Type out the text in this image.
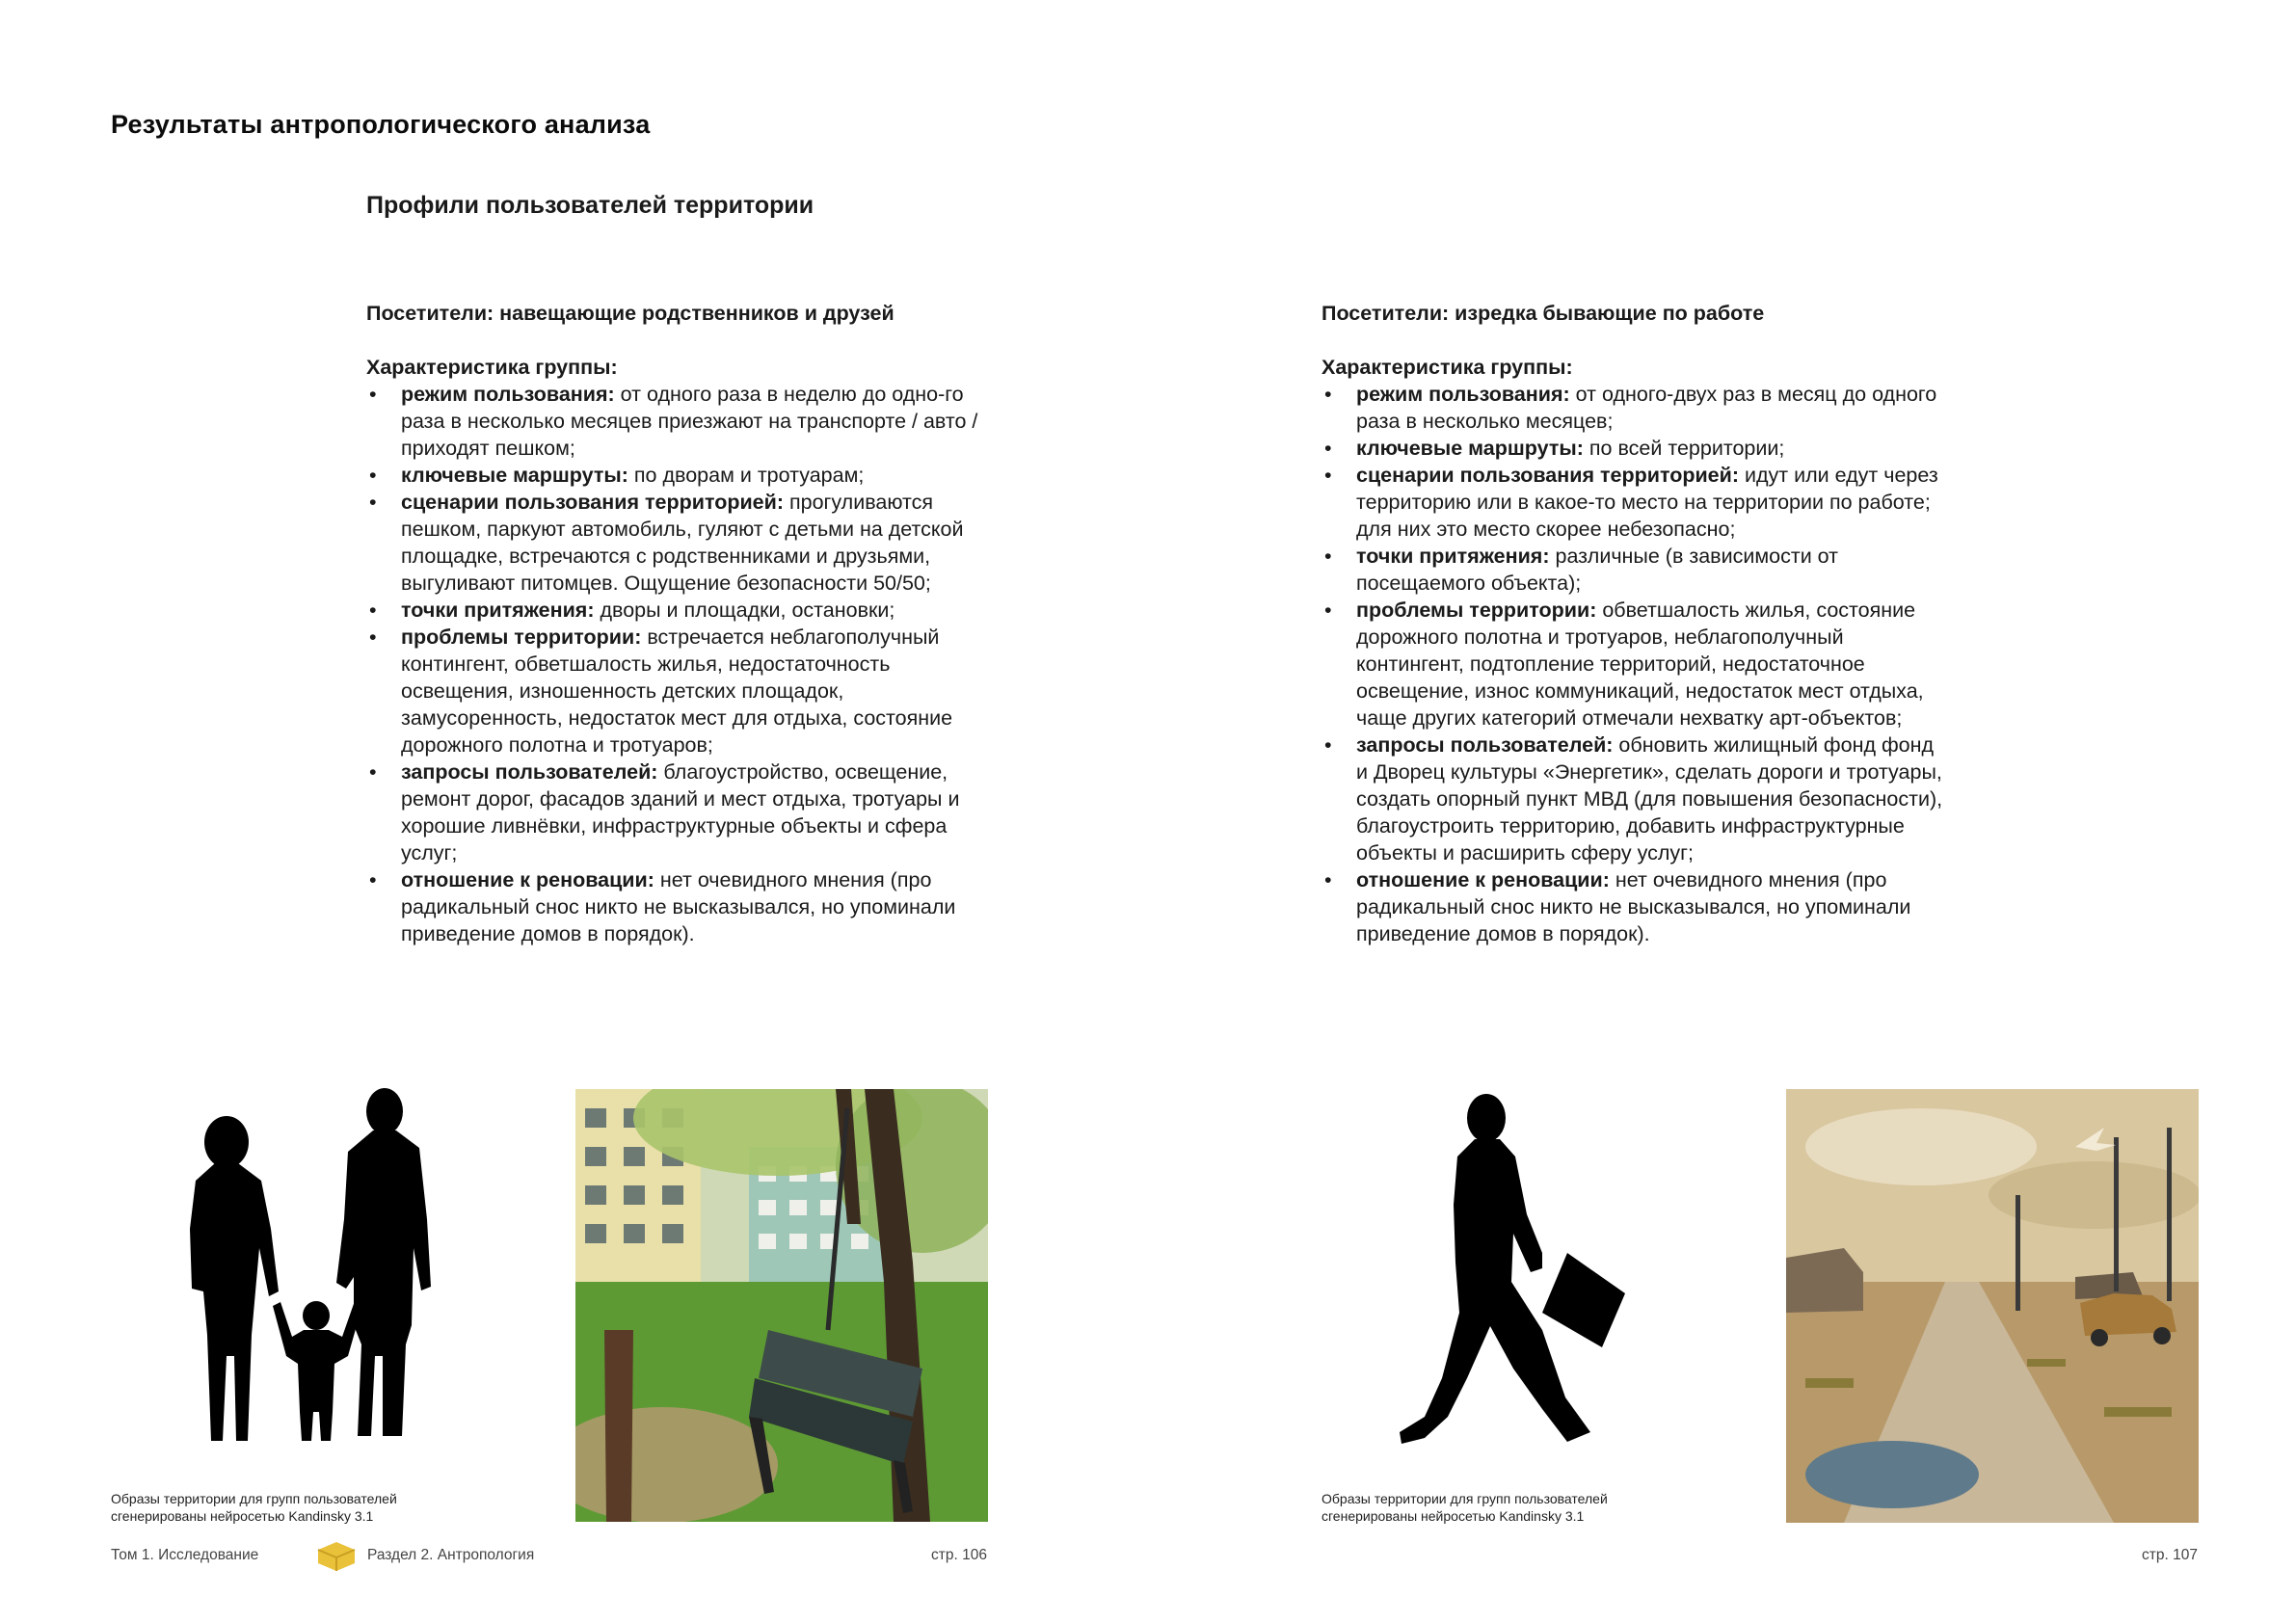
Результаты антропологического анализа
Профили пользователей территории
Посетители: навещающие родственников и друзей
Характеристика группы:
• режим пользования: от одного раза в неделю до одно-го раза в несколько месяцев приезжают на транспорте / авто / приходят пешком;
• ключевые маршруты: по дворам и тротуарам;
• сценарии пользования территорией: прогуливаются пешком, паркуют автомобиль, гуляют с детьми на детской площадке, встречаются с родственниками и друзьями, выгуливают питомцев. Ощущение безопасности 50/50;
• точки притяжения: дворы и площадки, остановки;
• проблемы территории: встречается неблагополучный контингент, обветшалость жилья, недостаточность освещения, изношенность детских площадок, замусоренность, недостаток мест для отдыха, состояние дорожного полотна и тротуаров;
• запросы пользователей: благоустройство, освещение, ремонт дорог, фасадов зданий и мест отдыха, тротуары и хорошие ливнёвки, инфраструктурные объекты и сфера услуг;
• отношение к реновации: нет очевидного мнения (про радикальный снос никто не высказывался, но упоминали приведение домов в порядок).
Посетители: изредка бывающие по работе
Характеристика группы:
• режим пользования: от одного-двух раз в месяц до одного раза в несколько месяцев;
• ключевые маршруты: по всей территории;
• сценарии пользования территорией: идут или едут через территорию или в какое-то место на территории по работе; для них это место скорее небезопасно;
• точки притяжения: различные (в зависимости от посещаемого объекта);
• проблемы территории: обветшалость жилья, состояние дорожного полотна и тротуаров, неблагополучный контингент, подтопление территорий, недостаточное освещение, износ коммуникаций, недостаток мест отдыха, чаще других категорий отмечали нехватку арт-объектов;
• запросы пользователей: обновить жилищный фонд фонд и Дворец культуры «Энергетик», сделать дороги и тротуары, создать опорный пункт МВД (для повышения безопасности), благоустроить территорию, добавить инфраструктурные объекты и расширить сферу услуг;
• отношение к реновации: нет очевидного мнения (про радикальный снос никто не высказывался, но упоминали приведение домов в порядок).
Образы территории для групп пользователей
сгенерированы нейросетью Kandinsky 3.1
Образы территории для групп пользователей
сгенерированы нейросетью Kandinsky 3.1
Том 1. Исследование	Раздел 2. Антропология	стр. 106	стр. 107
